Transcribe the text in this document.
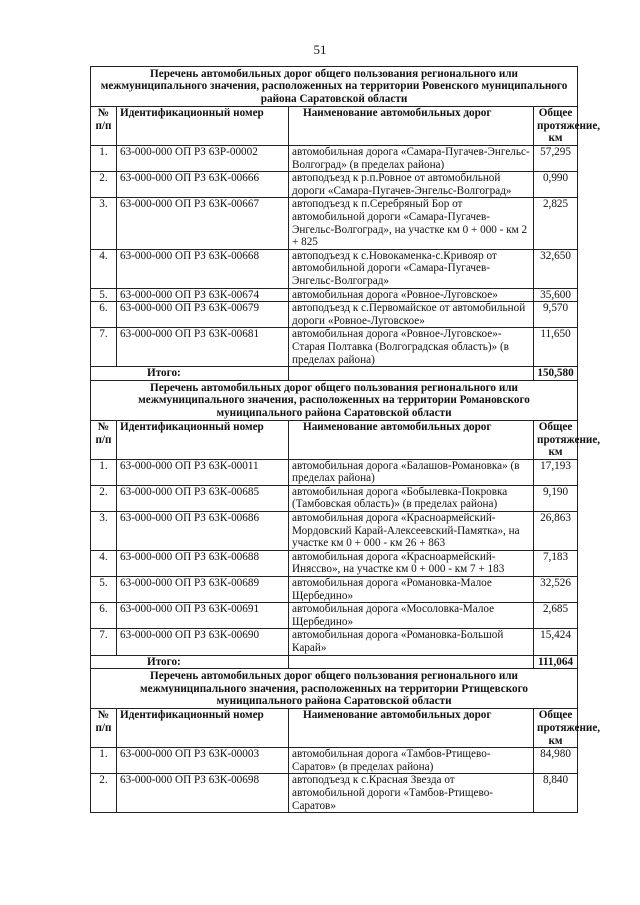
51
Перечень автомобильных дорог общего пользования регионального или межмуниципального значения, расположенных на территории Ровенского муниципального района Саратовской области			
№ п/п	Идентификационный номер	Наименование автомобильных дорог	Общее протяжение, км
1.	63-000-000 ОП РЗ 63Р-00002	автомобильная дорога «Самара-Пугачев-Энгельс-Волгоград» (в пределах района)	57,295
2.	63-000-000 ОП РЗ 63К-00666	автоподъезд к р.п.Ровное от автомобильной дороги «Самара-Пугачев-Энгельс-Волгоград»	0,990
3.	63-000-000 ОП РЗ 63К-00667	автоподъезд к п.Серебряный Бор от автомобильной дороги «Самара-Пугачев-Энгельс-Волгоград», на участке км 0 + 000 - км 2 + 825	2,825
4.	63-000-000 ОП РЗ 63К-00668	автоподъезд к с.Новокаменка-с.Кривояр от автомобильной дороги «Самара-Пугачев-Энгельс-Волгоград»	32,650
5.	63-000-000 ОП РЗ 63К-00674	автомобильная дорога «Ровное-Луговское»	35,600
6.	63-000-000 ОП РЗ 63К-00679	автоподъезд к с.Первомайское от автомобильной дороги «Ровное-Луговское»	9,570
7.	63-000-000 ОП РЗ 63К-00681	автомобильная дорога «Ровное-Луговское»-Старая Полтавка (Волгоградская область)» (в пределах района)	11,650
Итого:			150,580
Перечень автомобильных дорог общего пользования регионального или межмуниципального значения, расположенных на территории Романовского муниципального района Саратовской области			
№ п/п	Идентификационный номер	Наименование автомобильных дорог	Общее протяжение, км
1.	63-000-000 ОП РЗ 63К-00011	автомобильная дорога «Балашов-Романовка» (в пределах района)	17,193
2.	63-000-000 ОП РЗ 63К-00685	автомобильная дорога «Бобылевка-Покровка (Тамбовская область)» (в пределах района)	9,190
3.	63-000-000 ОП РЗ 63К-00686	автомобильная дорога «Красноармейский-Мордовский Карай-Алексеевский-Памятка», на участке км 0 + 000 - км 26 + 863	26,863
4.	63-000-000 ОП РЗ 63К-00688	автомобильная дорога «Красноармейский-Иняссво», на участке км 0 + 000 - км 7 + 183	7,183
5.	63-000-000 ОП РЗ 63К-00689	автомобильная дорога «Романовка-Малое Щербедино»	32,526
6.	63-000-000 ОП РЗ 63К-00691	автомобильная дорога «Мосоловка-Малое Щербедино»	2,685
7.	63-000-000 ОП РЗ 63К-00690	автомобильная дорога «Романовка-Большой Карай»	15,424
Итого:			111,064
Перечень автомобильных дорог общего пользования регионального или межмуниципального значения, расположенных на территории Ртищевского муниципального района Саратовской области			
№ п/п	Идентификационный номер	Наименование автомобильных дорог	Общее протяжение, км
1.	63-000-000 ОП РЗ 63К-00003	автомобильная дорога «Тамбов-Ртищево-Саратов» (в пределах района)	84,980
2.	63-000-000 ОП РЗ 63К-00698	автоподъезд к с.Красная Звезда от автомобильной дороги «Тамбов-Ртищево-Саратов»	8,840
